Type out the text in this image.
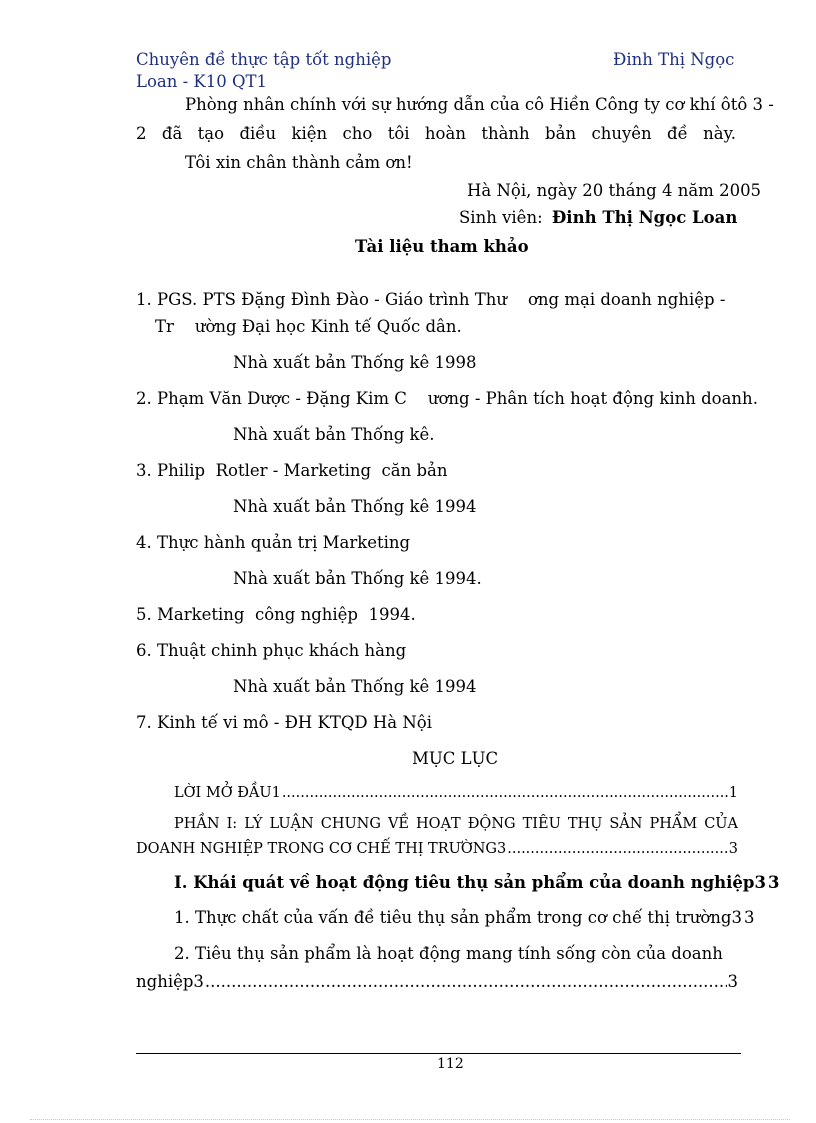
Chuyên đề thực tập tốt nghiệp	Đinh Thị Ngọc
Loan - K10 QT1
Phòng nhân chính với sự hướng dẫn của cô Hiền Công ty cơ khí ôtô 3 -
2 đã tạo điều kiện cho tôi hoàn thành bản chuyên đề này.
Tôi xin chân thành cảm ơn!
Hà Nội, ngày 20 tháng 4 năm 2005
Sinh viên: Đinh Thị Ngọc Loan
Tài liệu tham khảo
1. PGS. PTS Đặng Đình Đào - Giáo trình Thư    ơng mại doanh nghiệp -
Tr    ường Đại học Kinh tế Quốc dân.
Nhà xuất bản Thống kê 1998
2. Phạm Văn Dược - Đặng Kim C    ương - Phân tích hoạt động kinh doanh.
Nhà xuất bản Thống kê.
3. Philip  Rotler - Marketing  căn bản
Nhà xuất bản Thống kê 1994
4. Thực hành quản trị Marketing
Nhà xuất bản Thống kê 1994.
5. Marketing  công nghiệp  1994.
6. Thuật chinh phục khách hàng
Nhà xuất bản Thống kê 1994
7. Kinh tế vi mô - ĐH KTQD Hà Nội
MỤC LỤC
LỜI MỞ ĐẦU1 .....	1
PHẦN I: LÝ LUẬN CHUNG VỀ HOẠT ĐỘNG TIÊU THỤ SẢN PHẨM CỦA
DOANH NGHIỆP TRONG CƠ CHẾ THỊ TRƯỜNG3 .....	3
I. Khái quát về hoạt động tiêu thụ sản phẩm của doanh nghiệp3 3
1. Thực chất của vấn đề tiêu thụ sản phẩm trong cơ chế thị trường3 3
2. Tiêu thụ sản phẩm là hoạt động mang tính sống còn của doanh
nghiệp3 .....	3
112
